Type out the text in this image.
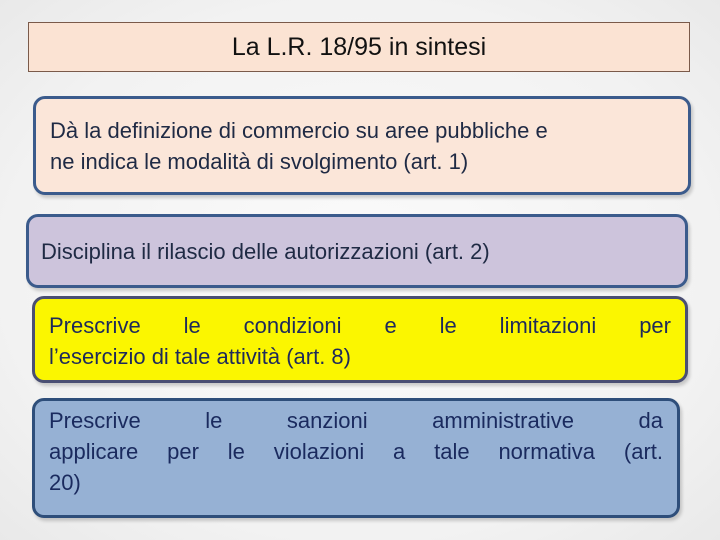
La L.R. 18/95 in sintesi
Dà la definizione di commercio su aree pubbliche e
ne indica le modalità di svolgimento (art. 1)
Disciplina il rilascio delle autorizzazioni (art. 2)
Prescrive le condizioni e le limitazioni per
l’esercizio di tale attività (art. 8)
Prescrive le sanzioni amministrative da
applicare per le violazioni a tale normativa (art.
20)
